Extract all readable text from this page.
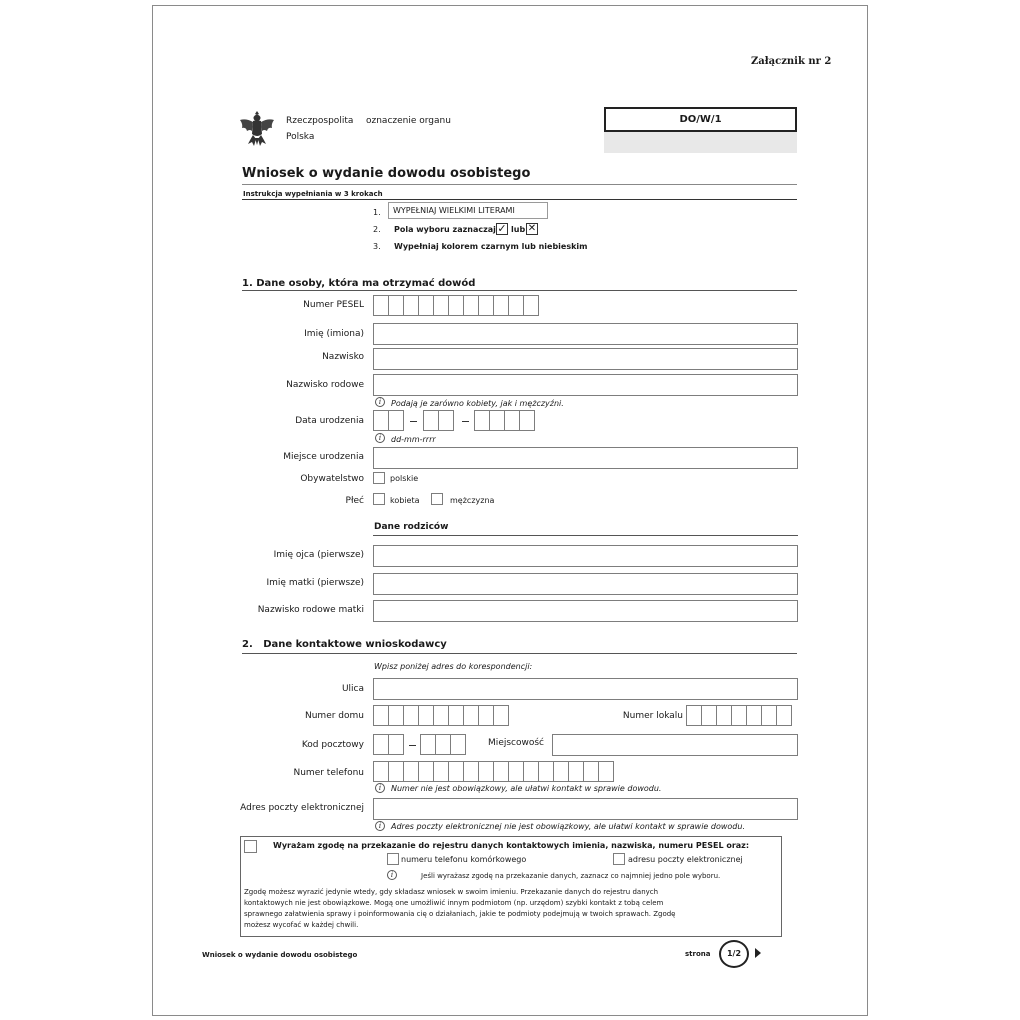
Załącznik nr 2
Rzeczpospolita
Polska
oznaczenie organu	DO/W/1
Wniosek o wydanie dowodu osobistego
Instrukcja wypełniania w 3 krokach
1.	WYPEŁNIAJ WIELKIMI LITERAMI
2. Pola wyboru zaznaczaj ✓ lub ✕
3. Wypełniaj kolorem czarnym lub niebieskim
1. Dane osoby, która ma otrzymać dowód
Numer PESEL
Imię (imiona)
Nazwisko
Nazwisko rodowe
i	Podają je zarówno kobiety, jak i mężczyźni.
Data urodzenia
i	dd-mm-rrrr
Miejsce urodzenia
Obywatelstwo	polskie
Płeć	kobieta	mężczyzna
Dane rodziców
Imię ojca (pierwsze)
Imię matki (pierwsze)
Nazwisko rodowe matki
2.   Dane kontaktowe wnioskodawcy
Wpisz poniżej adres do korespondencji:
Ulica
Numer domu	Numer lokalu
Kod pocztowy	Miejscowość
Numer telefonu
i	Numer nie jest obowiązkowy, ale ułatwi kontakt w sprawie dowodu.
Adres poczty elektronicznej
i	Adres poczty elektronicznej nie jest obowiązkowy, ale ułatwi kontakt w sprawie dowodu.
Wyrażam zgodę na przekazanie do rejestru danych kontaktowych imienia, nazwiska, numeru PESEL oraz:
numeru telefonu komórkowego	adresu poczty elektronicznej
i	Jeśli wyrażasz zgodę na przekazanie danych, zaznacz co najmniej jedno pole wyboru.
Zgodę możesz wyrazić jedynie wtedy, gdy składasz wniosek w swoim imieniu. Przekazanie danych do rejestru danych
kontaktowych nie jest obowiązkowe. Mogą one umożliwić innym podmiotom (np. urzędom) szybki kontakt z tobą celem
sprawnego załatwienia sprawy i poinformowania cię o działaniach, jakie te podmioty podejmują w twoich sprawach. Zgodę
możesz wycofać w każdej chwili.
Wniosek o wydanie dowodu osobistego	strona	1/2
